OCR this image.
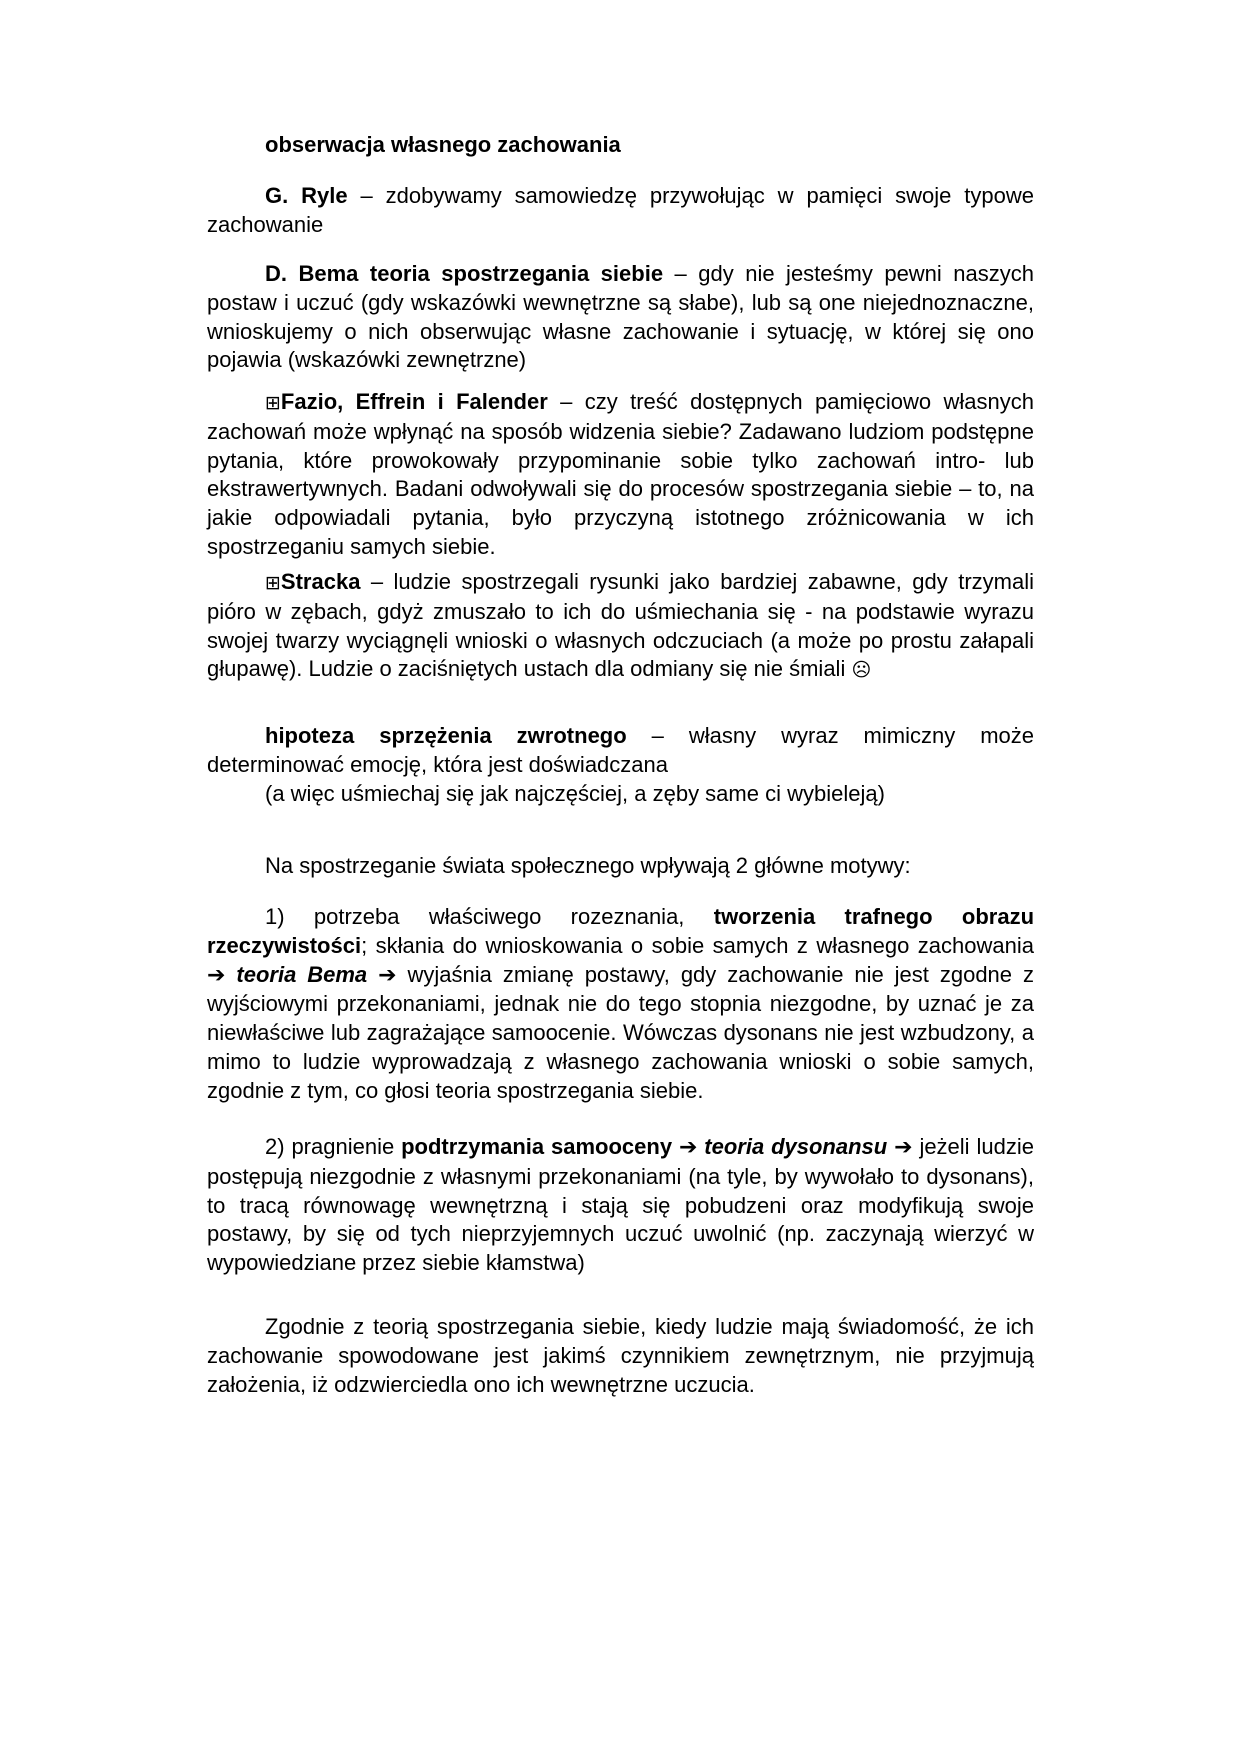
obserwacja własnego zachowania
G. Ryle – zdobywamy samowiedzę przywołując w pamięci swoje typowe zachowanie
D. Bema teoria spostrzegania siebie – gdy nie jesteśmy pewni naszych postaw i uczuć (gdy wskazówki wewnętrzne są słabe), lub są one niejednoznaczne, wnioskujemy o nich obserwując własne zachowanie i sytuację, w której się ono pojawia (wskazówki zewnętrzne)
⊞Fazio, Effrein i Falender – czy treść dostępnych pamięciowo własnych zachowań może wpłynąć na sposób widzenia siebie? Zadawano ludziom podstępne pytania, które prowokowały przypominanie sobie tylko zachowań intro- lub ekstrawertywnych. Badani odwoływali się do procesów spostrzegania siebie – to, na jakie odpowiadali pytania, było przyczyną istotnego zróżnicowania w ich spostrzeganiu samych siebie.
⊞Stracka – ludzie spostrzegali rysunki jako bardziej zabawne, gdy trzymali pióro w zębach, gdyż zmuszało to ich do uśmiechania się - na podstawie wyrazu swojej twarzy wyciągnęli wnioski o własnych odczuciach (a może po prostu załapali głupawę). Ludzie o zaciśniętych ustach dla odmiany się nie śmiali ☹
hipoteza sprzężenia zwrotnego – własny wyraz mimiczny może determinować emocję, która jest doświadczana
(a więc uśmiechaj się jak najczęściej, a zęby same ci wybieleją)
Na spostrzeganie świata społecznego wpływają 2 główne motywy:
1) potrzeba właściwego rozeznania, tworzenia trafnego obrazu rzeczywistości; skłania do wnioskowania o sobie samych z własnego zachowania ➔ teoria Bema ➔ wyjaśnia zmianę postawy, gdy zachowanie nie jest zgodne z wyjściowymi przekonaniami, jednak nie do tego stopnia niezgodne, by uznać je za niewłaściwe lub zagrażające samoocenie. Wówczas dysonans nie jest wzbudzony, a mimo to ludzie wyprowadzają z własnego zachowania wnioski o sobie samych, zgodnie z tym, co głosi teoria spostrzegania siebie.
2) pragnienie podtrzymania samooceny ➔ teoria dysonansu ➔ jeżeli ludzie postępują niezgodnie z własnymi przekonaniami (na tyle, by wywołało to dysonans), to tracą równowagę wewnętrzną i stają się pobudzeni oraz modyfikują swoje postawy, by się od tych nieprzyjemnych uczuć uwolnić (np. zaczynają wierzyć w wypowiedziane przez siebie kłamstwa)
Zgodnie z teorią spostrzegania siebie, kiedy ludzie mają świadomość, że ich zachowanie spowodowane jest jakimś czynnikiem zewnętrznym, nie przyjmują założenia, iż odzwierciedla ono ich wewnętrzne uczucia.
